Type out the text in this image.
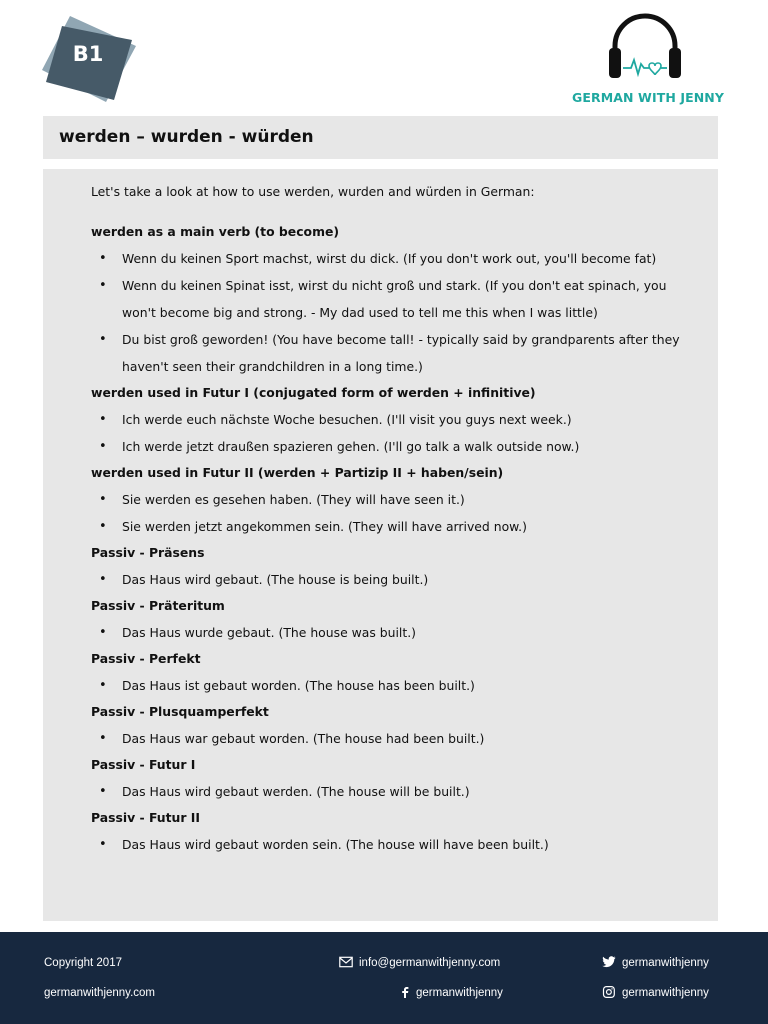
B1
GERMAN WITH JENNY
werden – wurden - würden

Let's take a look at how to use werden, wurden and würden in German:

werden as a main verb (to become)
• Wenn du keinen Sport machst, wirst du dick. (If you don't work out, you'll become fat)
• Wenn du keinen Spinat isst, wirst du nicht groß und stark. (If you don't eat spinach, you won't become big and strong. - My dad used to tell me this when I was little)
• Du bist groß geworden! (You have become tall! - typically said by grandparents after they haven't seen their grandchildren in a long time.)
werden used in Futur I (conjugated form of werden + infinitive)
• Ich werde euch nächste Woche besuchen. (I'll visit you guys next week.)
• Ich werde jetzt draußen spazieren gehen. (I'll go talk a walk outside now.)
werden used in Futur II (werden + Partizip II + haben/sein)
• Sie werden es gesehen haben. (They will have seen it.)
• Sie werden jetzt angekommen sein. (They will have arrived now.)
Passiv - Präsens
• Das Haus wird gebaut. (The house is being built.)
Passiv - Präteritum
• Das Haus wurde gebaut. (The house was built.)
Passiv - Perfekt
• Das Haus ist gebaut worden. (The house has been built.)
Passiv - Plusquamperfekt
• Das Haus war gebaut worden. (The house had been built.)
Passiv - Futur I
• Das Haus wird gebaut werden. (The house will be built.)
Passiv - Futur II
• Das Haus wird gebaut worden sein. (The house will have been built.)
Copyright 2017
germanwithjenny.com
info@germanwithjenny.com
germanwithjenny
germanwithjenny
germanwithjenny
